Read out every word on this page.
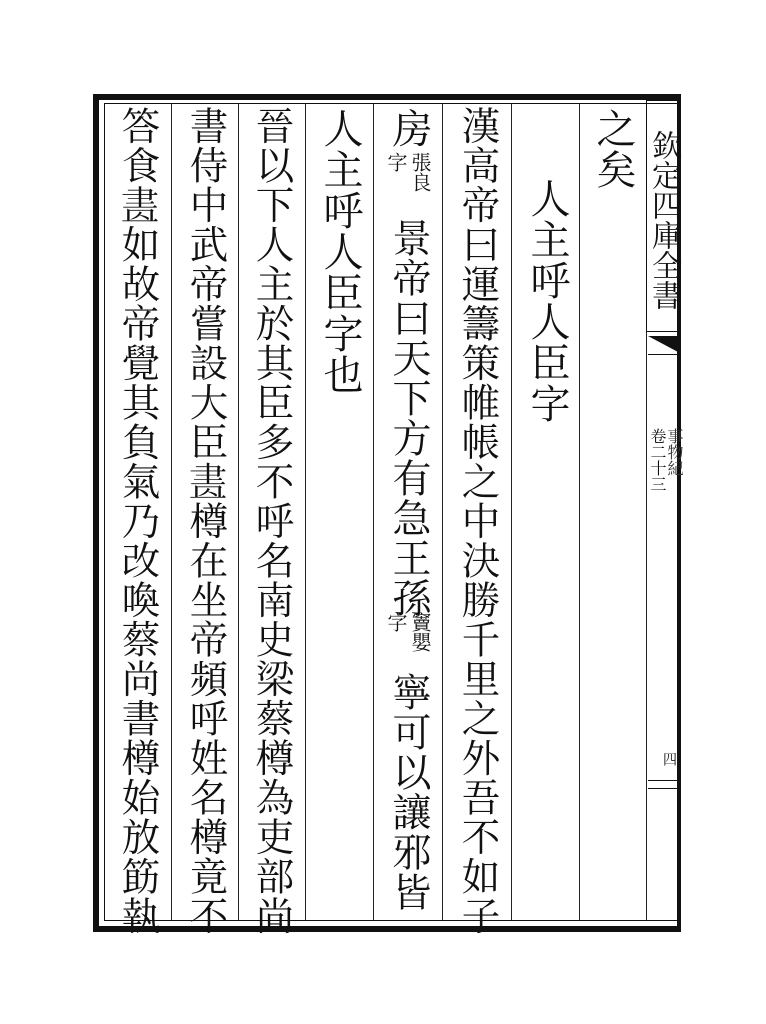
欽定四庫全書
事物紀
卷二十三
四
之矣
人主呼人臣字
漢高帝曰運籌策帷帳之中決勝千里之外吾不如子
房
張良
字
景帝曰天下方有急王孫
竇嬰
字
寧可以讓邪皆
人主呼人臣字也
晉以下人主於其臣多不呼名南史梁蔡樽為吏部尚
書侍中武帝嘗設大臣𦘕樽在坐帝頻呼姓名樽竟不
答食𦘕如故帝覺其負氣乃改喚蔡尚書樽始放筯執
